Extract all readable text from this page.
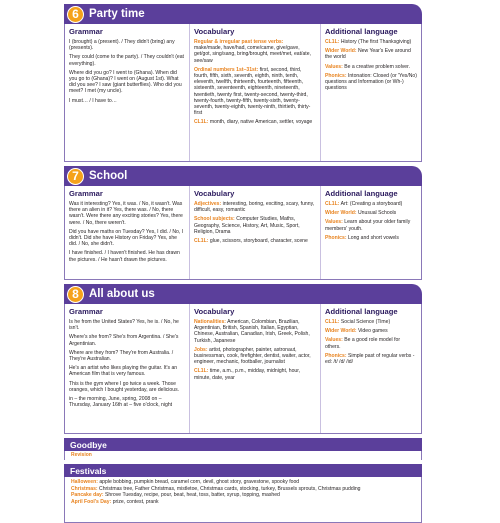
6 Party time
Grammar
I (brought) a (present). / They didn't (bring) any (presents).
They could (come to the party). / They couldn't (eat everything).
Where did you go? I went to (Ghana). When did you go to (Ghana)? I went on (August 1st). What did you see? I saw (giant butterflies). Who did you meet? I met (my uncle).
I must… / I have to…
Vocabulary
Regular & irregular past tense verbs:
make/made, have/had, come/came, give/gave, get/got, sing/sang, bring/brought, meet/met, eat/ate, see/saw
Ordinal numbers 1st–31st: first, second, third, fourth, fifth, sixth, seventh, eighth, ninth, tenth, eleventh, twelfth, thirteenth, fourteenth, fifteenth, sixteenth, seventeenth, eighteenth, nineteenth, twentieth, twenty first, twenty-second, twenty-third, twenty-fourth, twenty-fifth, twenty-sixth, twenty-seventh, twenty-eighth, twenty-ninth, thirtieth, thirty-first
CL1L: month, diary, native American, settler, voyage
Additional language
CL1L: History (The first Thanksgiving)
Wider World: New Year's Eve around the world
Values: Be a creative problem solver.
Phonics: Intonation: Closed (or 'Yes/No) questions and Information (or Wh-) questions
7 School
Grammar
Was it interesting? Yes, it was. / No, it wasn't. Was there an alien in it? Yes, there was. / No, there wasn't. Were there any exciting stories? Yes, there were. / No, there weren't.
Did you have maths on Tuesday? Yes, I did. / No, I didn't. Did she have History on Friday? Yes, she did. / No, she didn't.
I have finished. / I haven't finished. He has drawn the pictures. / He hasn't drawn the pictures.
Vocabulary
Adjectives: interesting, boring, exciting, scary, funny, difficult, easy, romantic
School subjects: Computer Studies, Maths, Geography, Science, History, Art, Music, Sport, Religion, Drama
CL1L: glue, scissors, storyboard, character, scene
Additional language
CL1L: Art: (Creating a storyboard)
Wider World: Unusual Schools
Values: Learn about your older family members' youth.
Phonics: Long and short vowels
8 All about us
Grammar
Is he from the United States? Yes, he is. / No, he isn't.
Where's she from? She's from Argentina. / She's Argentinian.
Where are they from? They're from Australia. / They're Australian.
He's an artist who likes playing the guitar. It's an American film that is very famous.
This is the gym where I go twice a week. Those oranges, which I bought yesterday, are delicious.
in – the morning, June, spring, 2008 on – Thursday, January 16th at – five o'clock, night
Vocabulary
Nationalities: American, Colombian, Brazilian, Argentinian, British, Spanish, Italian, Egyptian, Chinese, Australian, Canadian, Irish, Greek, Polish, Turkish, Japanese
Jobs: artist, photographer, painter, astronaut, businessman, cook, firefighter, dentist, waiter, actor, engineer, mechanic, footballer, journalist
CL1L: time, a.m., p.m., midday, midnight, hour, minute, date, year
Additional language
CL1L: Social Science (Time)
Wider World: Video games
Values: Be a good role model for others.
Phonics: Simple past of regular verbs -ed: /t/ /d/ /id/
Goodbye
Revision
Festivals
Halloween: apple bobbing, pumpkin bread, caramel corn, devil, ghost story, gravestone, spooky food
Christmas: Christmas tree, Father Christmas, mistletoe, Christmas cards, stocking, turkey, Brussels sprouts, Christmas pudding
Pancake day: Shrove Tuesday, recipe, pour, beat, heat, toss, batter, syrup, topping, mashed
April Fool's Day: prize, contest, prank
